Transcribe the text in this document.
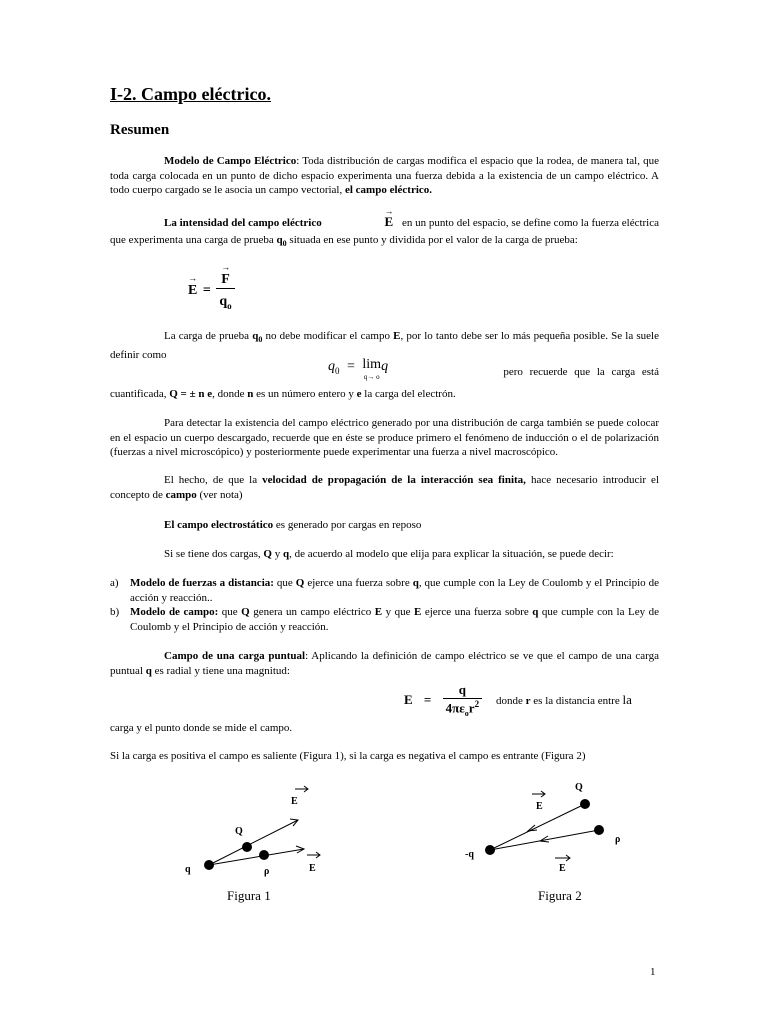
I-2. Campo eléctrico.
Resumen
Modelo de Campo Eléctrico: Toda distribución de cargas modifica el espacio que la rodea, de manera tal, que toda carga colocada en un punto de dicho espacio experimenta una fuerza debida a la existencia de un campo eléctrico. A todo cuerpo cargado se le asocia un campo vectorial, el campo eléctrico.
La intensidad del campo eléctrico	→ E en un punto del espacio, se define como la fuerza eléctrica que experimenta una carga de prueba $q_0$ situada en ese punto y dividida por el valor de la carga de prueba:
→ E = → $\frac{F}{q_o}$
La carga de prueba $q_0$ no debe modificar el campo E, por lo tanto debe ser lo más pequeña posible. Se la suele definir como
$q_0 = \lim$
q→ o
q	pero recuerde que la carga está
cuantificada, Q = ± n e, donde n es un número entero y e la carga del electrón.
Para detectar la existencia del campo eléctrico generado por una distribución de carga también se puede colocar en el espacio un cuerpo descargado, recuerde que en éste se produce primero el fenómeno de inducción o el de polarización (fuerzas a nivel microscópico) y posteriormente puede experimentar una fuerza a nivel macroscópico.
El hecho, de que la velocidad de propagación de la interacción sea finita, hace necesario introducir el concepto de campo (ver nota)
El campo electrostático es generado por cargas en reposo
Si se tiene dos cargas, Q y q, de acuerdo al modelo que elija para explicar la situación, se puede decir:
a) Modelo de fuerzas a distancia: que Q ejerce una fuerza sobre q, que cumple con la Ley de Coulomb y el Principio de acción y reacción..
b) Modelo de campo: que Q genera un campo eléctrico E y que E ejerce una fuerza sobre q que cumple con la Ley de Coulomb y el Principio de acción y reacción.
Campo de una carga puntual: Aplicando la definición de campo eléctrico se ve que el campo de una carga puntual q es radial y tiene una magnitud:
$E = \frac{q}{4\pi\varepsilon_or^2}$ donde r es la distancia entre la
carga y el punto donde se mide el campo.
Si la carga es positiva el campo es saliente (Figura 1), si la carga es negativa el campo es entrante (Figura 2)
E
Q
q	ρ	E
Figura 1
Q
E
ρ
-q
E
Figura 2
1
